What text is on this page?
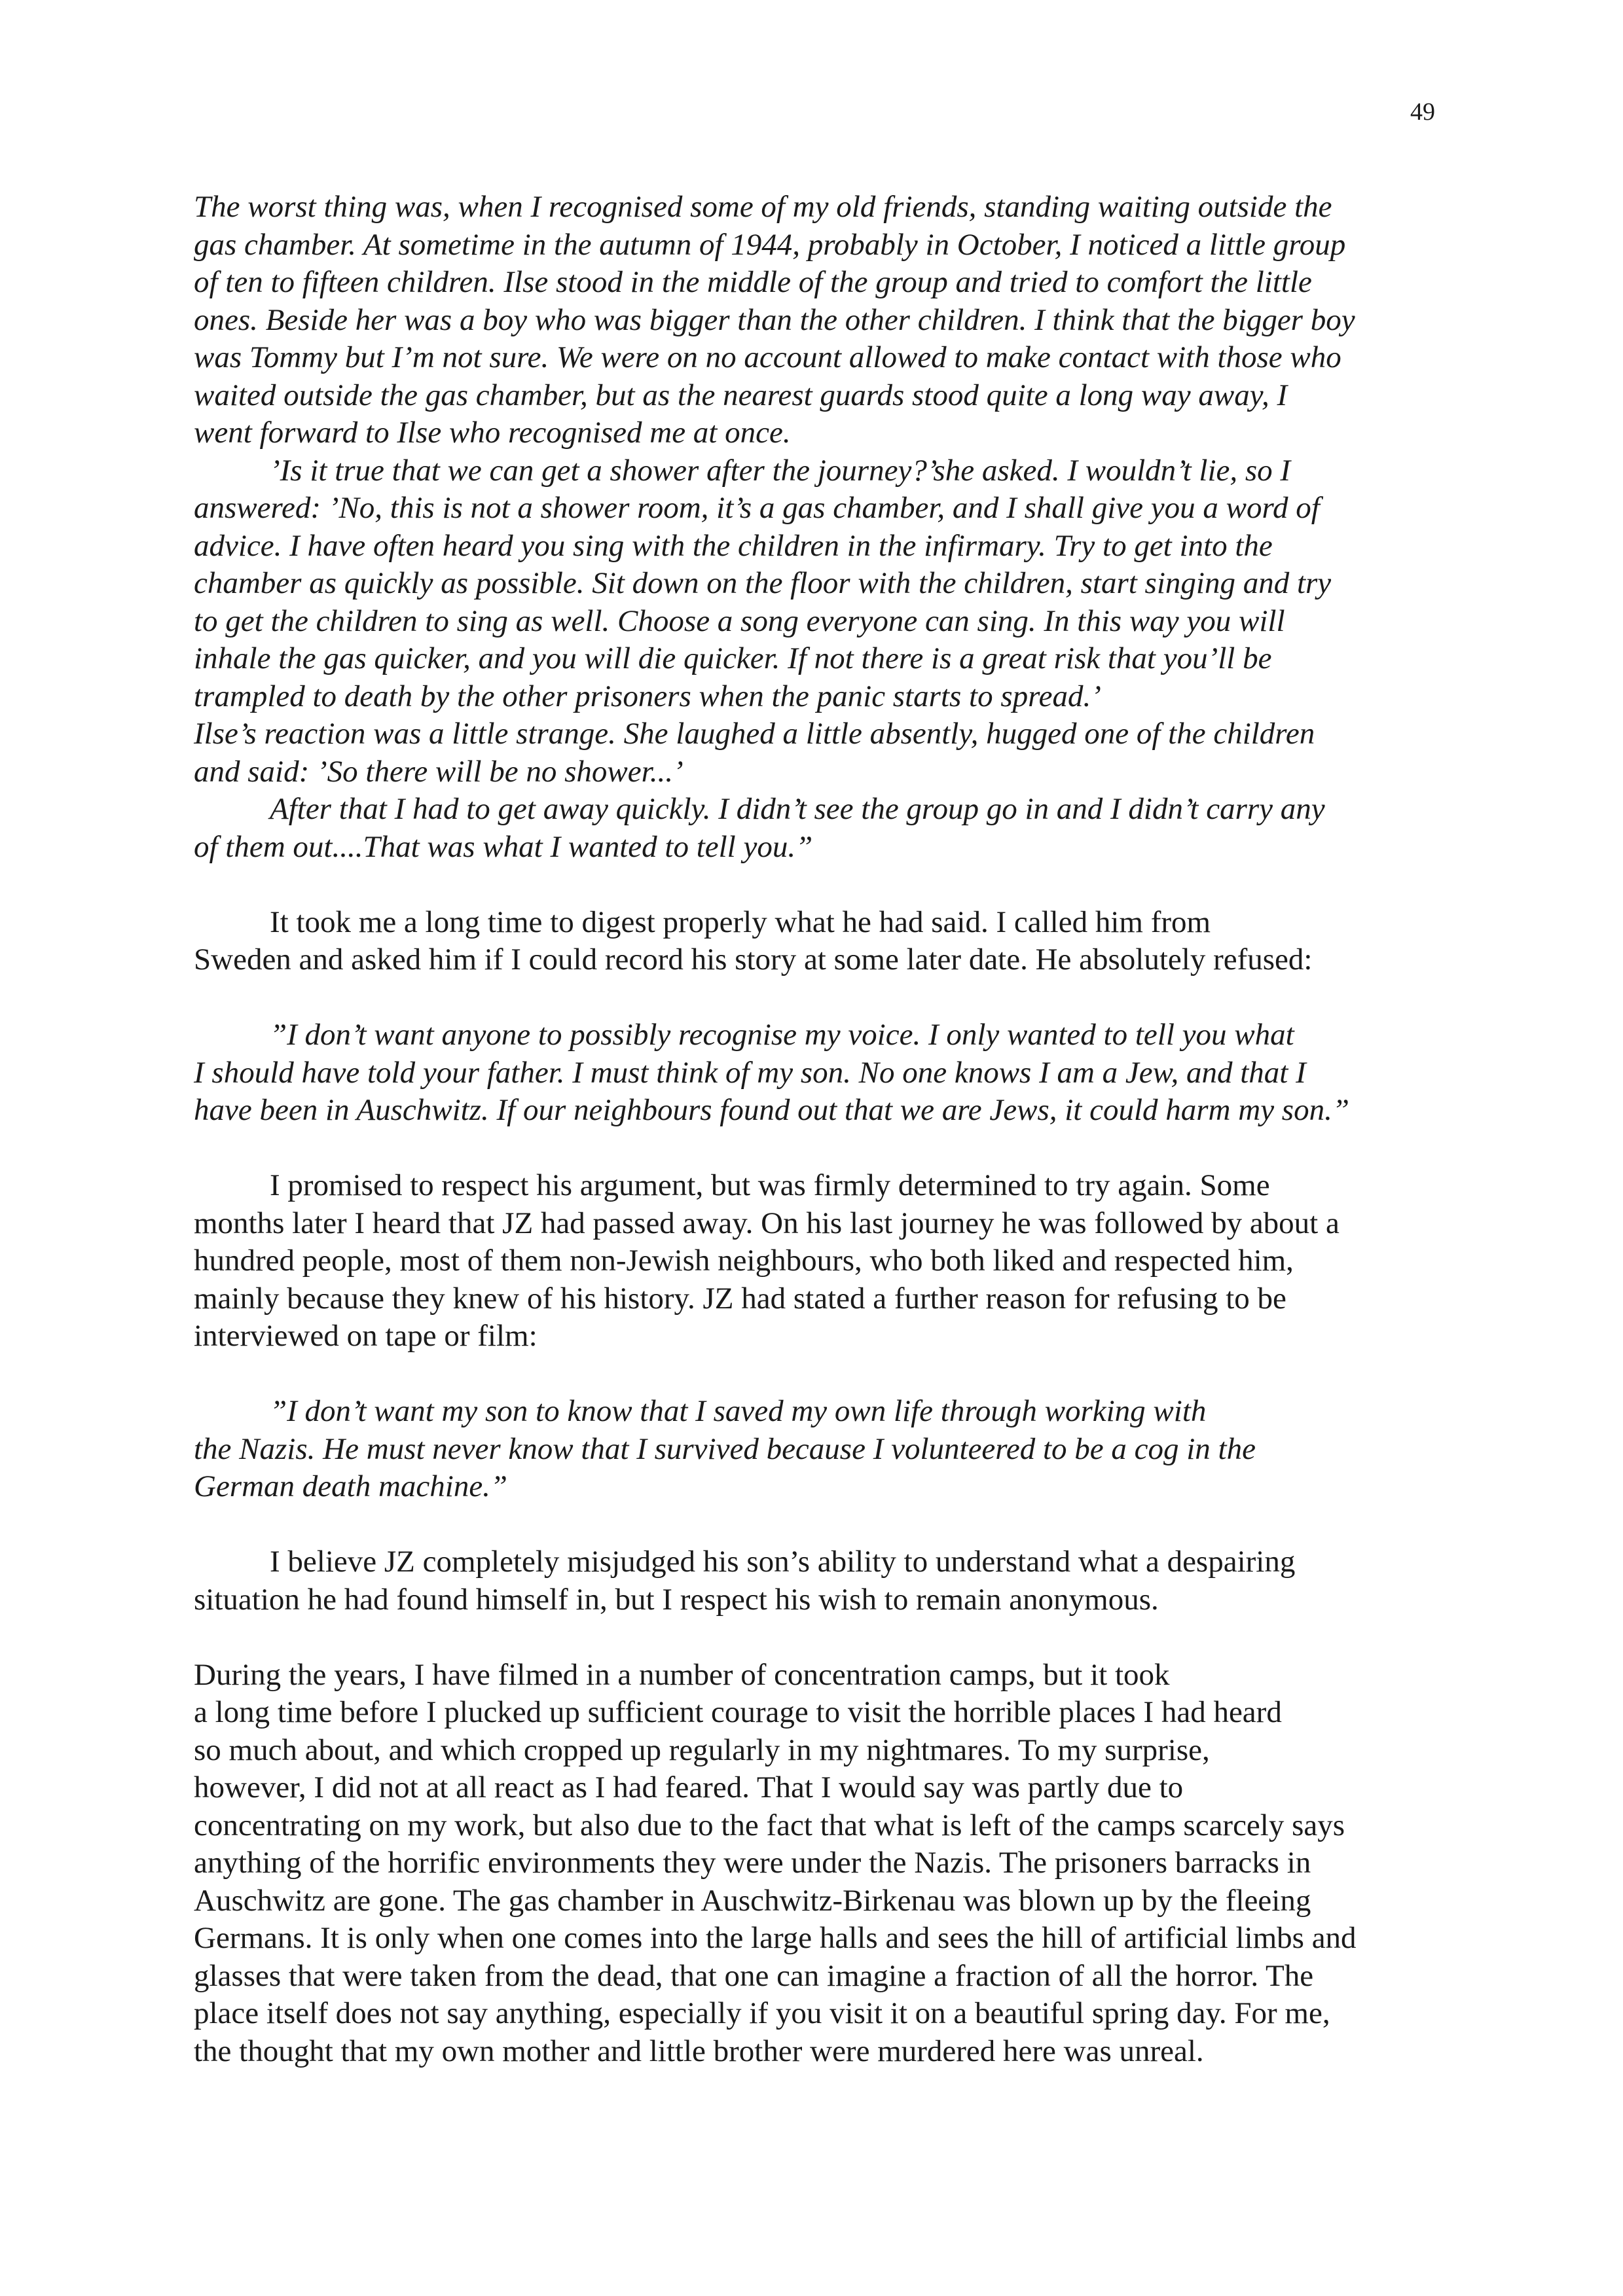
49
The worst thing was, when I recognised some of my old friends, standing waiting outside the
gas chamber. At sometime in the autumn of 1944, probably in October, I noticed a little group
of ten to fifteen children. Ilse stood in the middle of the group and tried to comfort the little
ones. Beside her was a boy who was bigger than the other children. I think that the bigger boy
was Tommy but I’m not sure. We were on no account allowed to make contact with those who
waited outside the gas chamber, but as the nearest guards stood quite a long way away, I
went forward to Ilse who recognised me at once.
’Is it true that we can get a shower after the journey?’she asked. I wouldn’t lie, so I
answered: ’No, this is not a shower room, it’s a gas chamber, and I shall give you a word of
advice. I have often heard you sing with the children in the infirmary. Try to get into the
chamber as quickly as possible. Sit down on the floor with the children, start singing and try
to get the children to sing as well. Choose a song everyone can sing. In this way you will
inhale the gas quicker, and you will die quicker. If not there is a great risk that you’ll be
trampled to death by the other prisoners when the panic starts to spread.’
Ilse’s reaction was a little strange. She laughed a little absently, hugged one of the children
and said: ’So there will be no shower...’
After that I had to get away quickly. I didn’t see the group go in and I didn’t carry any
of them out....That was what I wanted to tell you.”
It took me a long time to digest properly what he had said. I called him from
Sweden and asked him if I could record his story at some later date. He absolutely refused:
”I don’t want anyone to possibly recognise my voice. I only wanted to tell you what
I should have told your father. I must think of my son. No one knows I am a Jew, and that I
have been in Auschwitz. If our neighbours found out that we are Jews, it could harm my son.”
I promised to respect his argument, but was firmly determined to try again. Some
months later I heard that JZ had passed away. On his last journey he was followed by about a
hundred people, most of them non-Jewish neighbours, who both liked and respected him,
mainly because they knew of his history. JZ had stated a further reason for refusing to be
interviewed on tape or film:
”I don’t want my son to know that I saved my own life through working with
the Nazis. He must never know that I survived because I volunteered to be a cog in the
German death machine.”
I believe JZ completely misjudged his son’s ability to understand what a despairing
situation he had found himself in, but I respect his wish to remain anonymous.
During the years, I have filmed in a number of concentration camps, but it took
a long time before I plucked up sufficient courage to visit the horrible places I had heard
so much about, and which cropped up regularly in my nightmares. To my surprise,
however, I did not at all react as I had feared. That I would say was partly due to
concentrating on my work, but also due to the fact that what is left of the camps scarcely says
anything of the horrific environments they were under the Nazis. The prisoners barracks in
Auschwitz are gone. The gas chamber in Auschwitz-Birkenau was blown up by the fleeing
Germans. It is only when one comes into the large halls and sees the hill of artificial limbs and
glasses that were taken from the dead, that one can imagine a fraction of all the horror. The
place itself does not say anything, especially if you visit it on a beautiful spring day. For me,
the thought that my own mother and little brother were murdered here was unreal.
